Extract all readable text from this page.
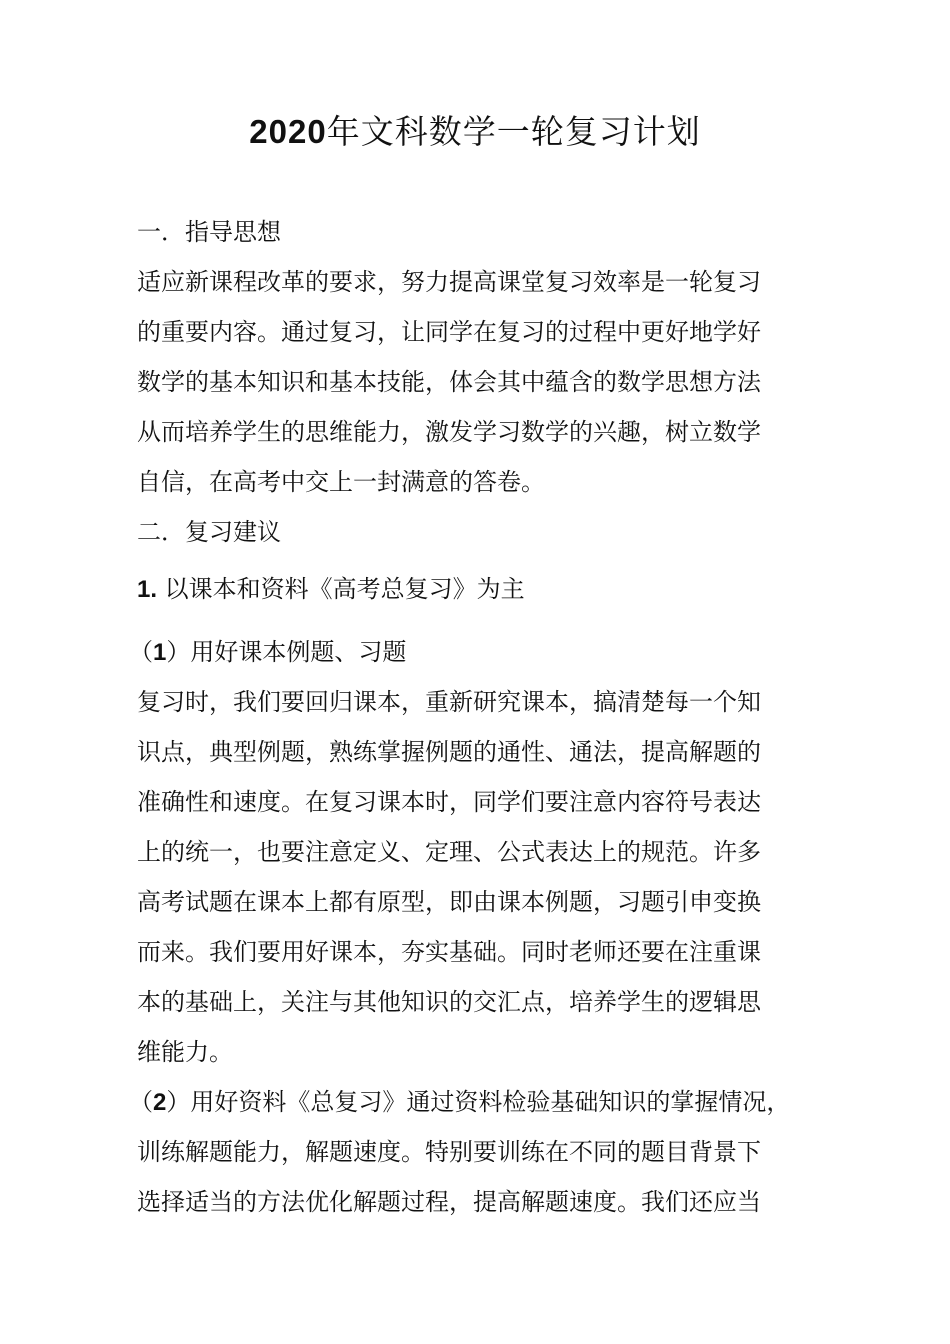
2020年文科数学一轮复习计划
一．指导思想
适应新课程改革的要求，努力提高课堂复习效率是一轮复习
的重要内容。通过复习，让同学在复习的过程中更好地学好
数学的基本知识和基本技能，体会其中蕴含的数学思想方法
从而培养学生的思维能力，激发学习数学的兴趣，树立数学
自信，在高考中交上一封满意的答卷。
二．复习建议
1. 以课本和资料《高考总复习》为主
（1）用好课本例题、习题
复习时，我们要回归课本，重新研究课本，搞清楚每一个知
识点，典型例题，熟练掌握例题的通性、通法，提高解题的
准确性和速度。在复习课本时，同学们要注意内容符号表达
上的统一，也要注意定义、定理、公式表达上的规范。许多
高考试题在课本上都有原型，即由课本例题，习题引申变换
而来。我们要用好课本，夯实基础。同时老师还要在注重课
本的基础上，关注与其他知识的交汇点，培养学生的逻辑思
维能力。
（2）用好资料《总复习》通过资料检验基础知识的掌握情况，
训练解题能力，解题速度。特别要训练在不同的题目背景下
选择适当的方法优化解题过程，提高解题速度。我们还应当
